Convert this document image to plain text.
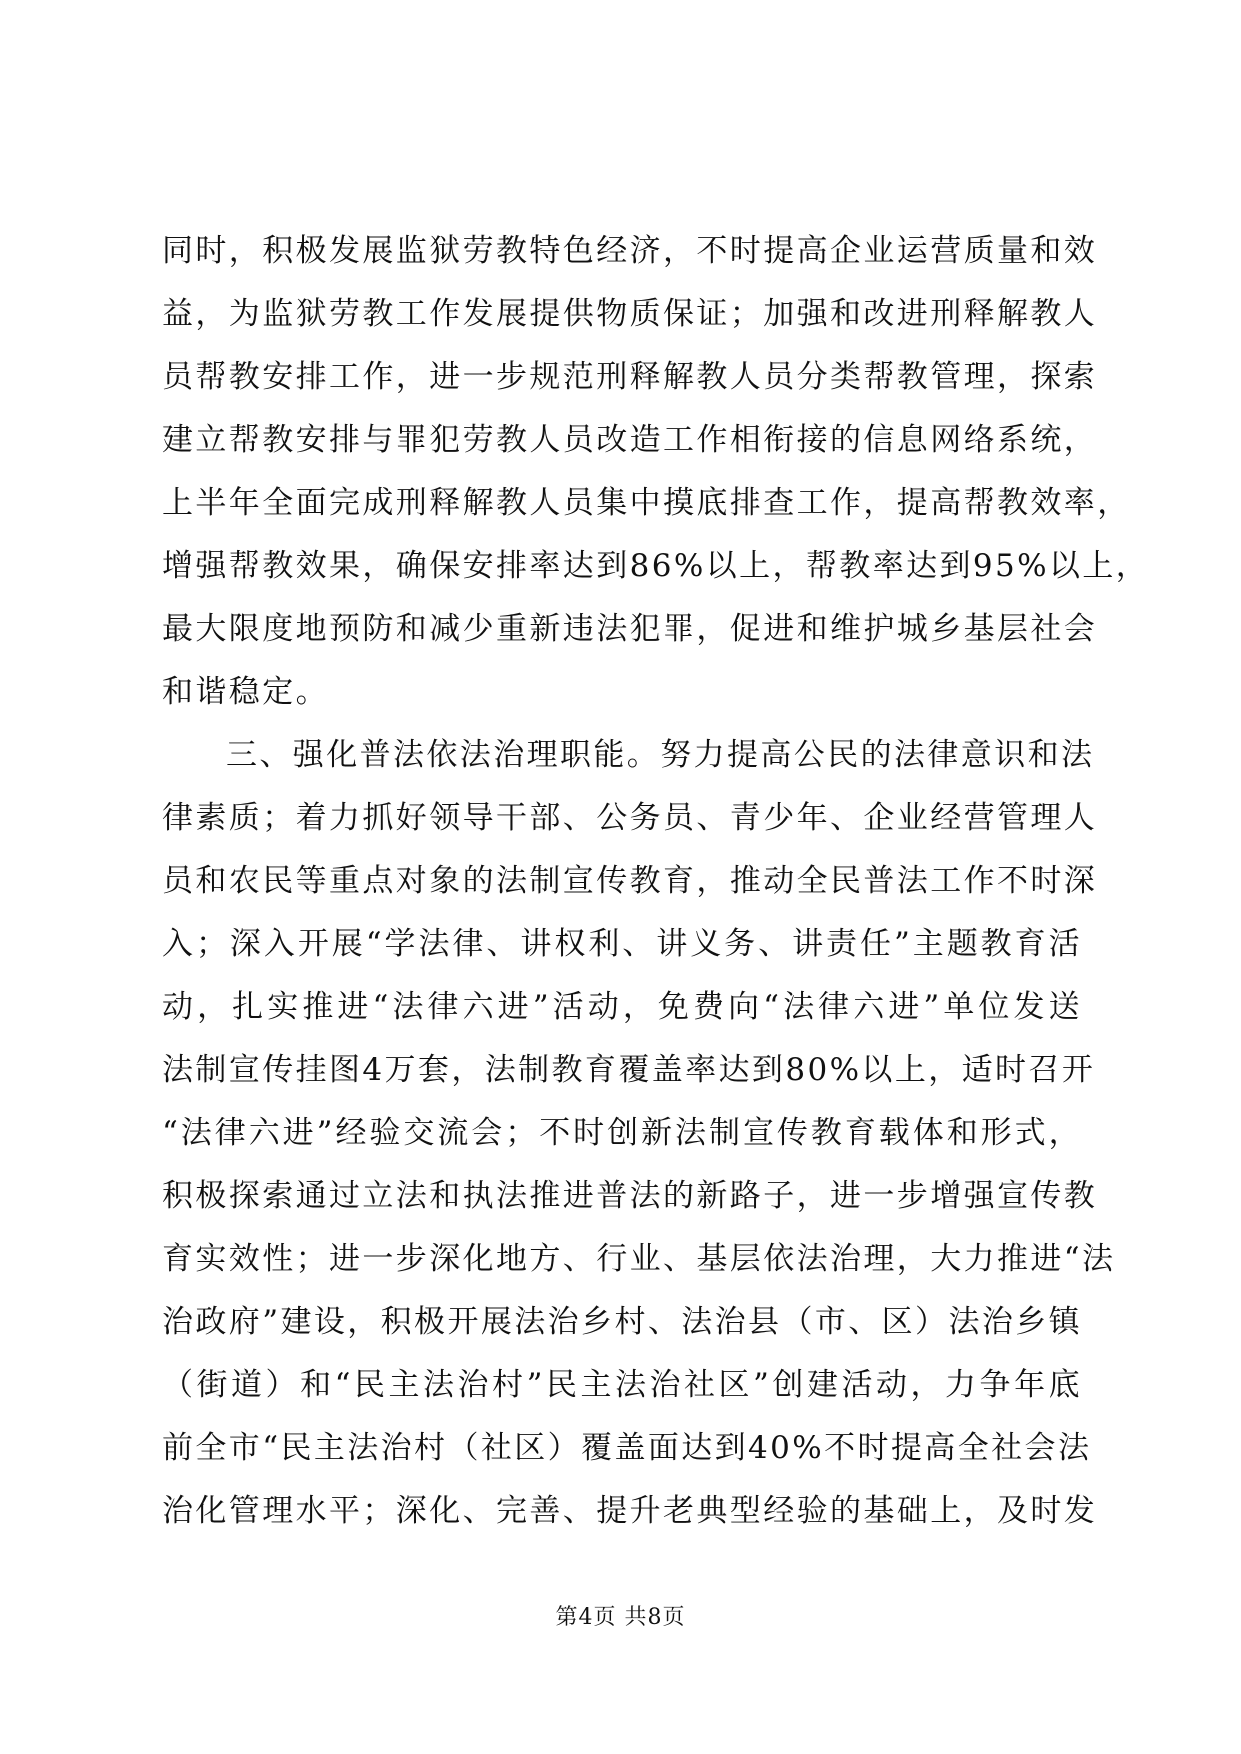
同时，积极发展监狱劳教特色经济，不时提高企业运营质量和效
益，为监狱劳教工作发展提供物质保证；加强和改进刑释解教人
员帮教安排工作，进一步规范刑释解教人员分类帮教管理，探索
建立帮教安排与罪犯劳教人员改造工作相衔接的信息网络系统，
上半年全面完成刑释解教人员集中摸底排查工作，提高帮教效率，
增强帮教效果，确保安排率达到86%以上，帮教率达到95%以上，
最大限度地预防和减少重新违法犯罪，促进和维护城乡基层社会
和谐稳定。
三、强化普法依法治理职能。努力提高公民的法律意识和法
律素质；着力抓好领导干部、公务员、青少年、企业经营管理人
员和农民等重点对象的法制宣传教育，推动全民普法工作不时深
入；深入开展“学法律、讲权利、讲义务、讲责任”主题教育活
动，扎实推进“法律六进”活动，免费向“法律六进”单位发送
法制宣传挂图4万套，法制教育覆盖率达到80%以上，适时召开
“法律六进”经验交流会；不时创新法制宣传教育载体和形式，
积极探索通过立法和执法推进普法的新路子，进一步增强宣传教
育实效性；进一步深化地方、行业、基层依法治理，大力推进“法
治政府”建设，积极开展法治乡村、法治县（市、区）法治乡镇
（街道）和“民主法治村”民主法治社区”创建活动，力争年底
前全市“民主法治村（社区）覆盖面达到40%不时提高全社会法
治化管理水平；深化、完善、提升老典型经验的基础上，及时发
第4页 共8页
